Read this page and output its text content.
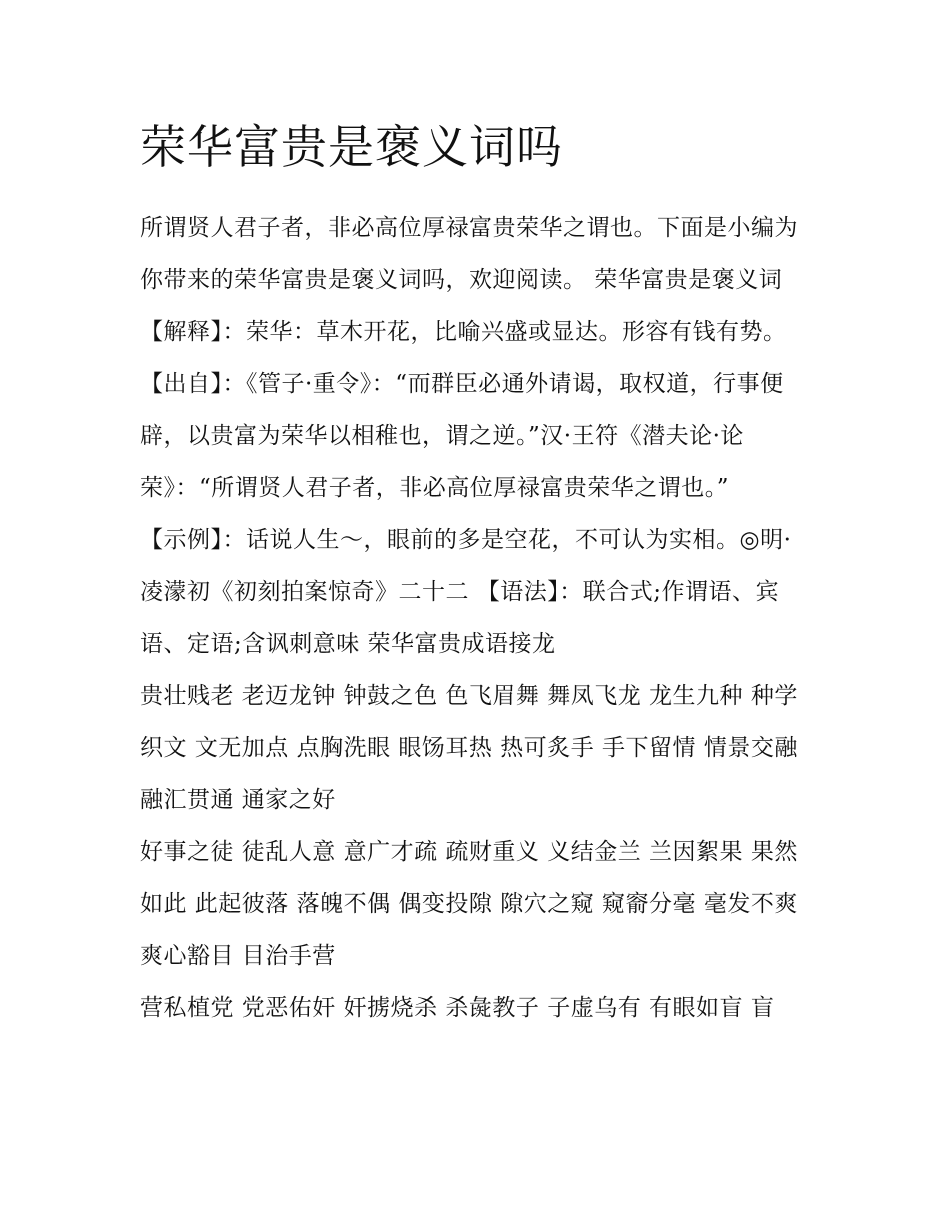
荣华富贵是褒义词吗

所谓贤人君子者，非必高位厚禄富贵荣华之谓也。下面是小编为你带来的荣华富贵是褒义词吗，欢迎阅读。 荣华富贵是褒义词

【解释】：荣华：草木开花，比喻兴盛或显达。形容有钱有势。

【出自】：《管子·重令》：“而群臣必通外请谒，取权道，行事便辟，以贵富为荣华以相稚也，谓之逆。”汉·王符《潜夫论·论荣》：“所谓贤人君子者，非必高位厚禄富贵荣华之谓也。”

【示例】：话说人生～，眼前的多是空花，不可认为实相。◎明·凌濛初《初刻拍案惊奇》二十二 【语法】：联合式;作谓语、宾语、定语;含讽刺意味 荣华富贵成语接龙

贵壮贱老 老迈龙钟 钟鼓之色 色飞眉舞 舞凤飞龙 龙生九种 种学织文 文无加点 点胸洗眼 眼饧耳热 热可炙手 手下留情 情景交融 融汇贯通 通家之好

好事之徒 徒乱人意 意广才疏 疏财重义 义结金兰 兰因絮果 果然如此 此起彼落 落魄不偶 偶变投隙 隙穴之窥 窥窬分毫 毫发不爽 爽心豁目 目治手营

营私植党 党恶佑奸 奸掳烧杀 杀彘教子 子虚乌有 有眼如盲 盲
